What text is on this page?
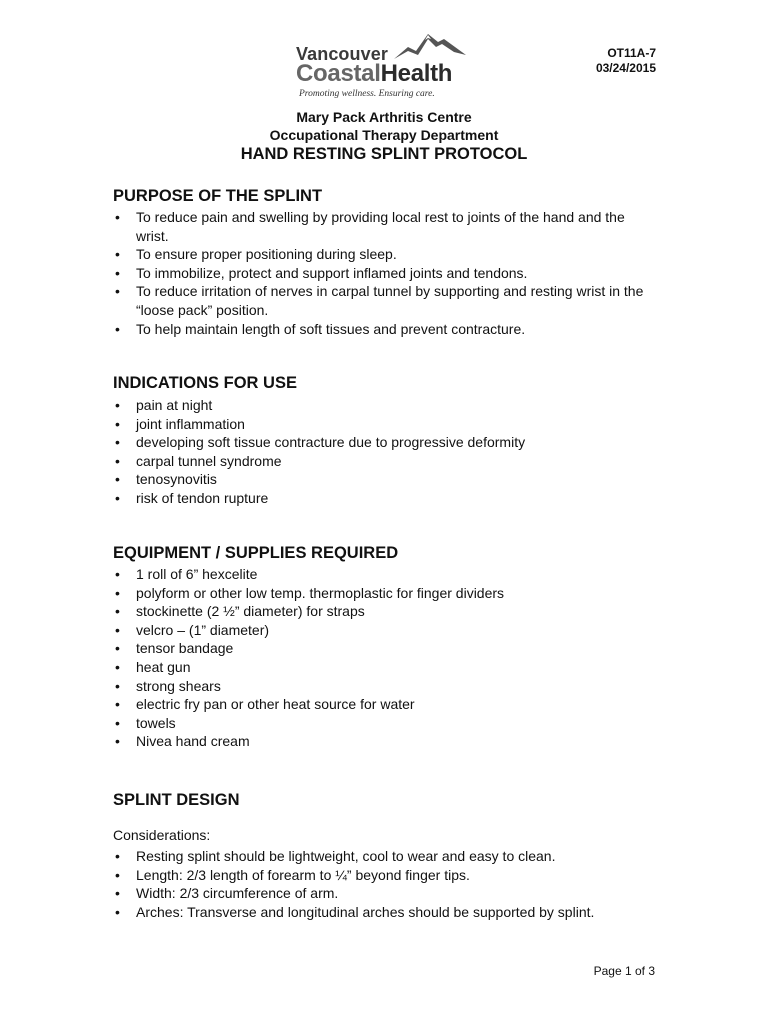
Vancouver
CoastalHealth
Promoting wellness. Ensuring care.
OT11A-7
03/24/2015
Mary Pack Arthritis Centre
Occupational Therapy Department
HAND RESTING SPLINT PROTOCOL
PURPOSE OF THE SPLINT
• To reduce pain and swelling by providing local rest to joints of the hand and the wrist.
• To ensure proper positioning during sleep.
• To immobilize, protect and support inflamed joints and tendons.
• To reduce irritation of nerves in carpal tunnel by supporting and resting wrist in the “loose pack” position.
• To help maintain length of soft tissues and prevent contracture.
INDICATIONS FOR USE
• pain at night
• joint inflammation
• developing soft tissue contracture due to progressive deformity
• carpal tunnel syndrome
• tenosynovitis
• risk of tendon rupture
EQUIPMENT / SUPPLIES REQUIRED
• 1 roll of 6” hexcelite
• polyform or other low temp. thermoplastic for finger dividers
• stockinette (2 ½” diameter) for straps
• velcro – (1” diameter)
• tensor bandage
• heat gun
• strong shears
• electric fry pan or other heat source for water
• towels
• Nivea hand cream
SPLINT DESIGN
Considerations:
• Resting splint should be lightweight, cool to wear and easy to clean.
• Length: 2/3 length of forearm to ¼” beyond finger tips.
• Width: 2/3 circumference of arm.
• Arches: Transverse and longitudinal arches should be supported by splint.
Page 1 of 3
